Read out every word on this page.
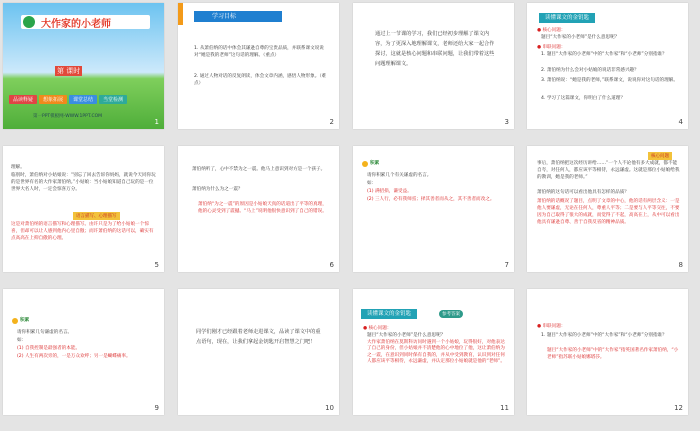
大作家的小老师
第 课时
品读释疑	想象拓展	课堂总结	当堂检测
第一PPT模板网-WWW.1PPT.COM
1
学习目标
1. 从萧伯纳的话中体会其谦逊自尊的宝贵品质，并联系课文说说对“她是我的老师”这句话的理解。（重点）
2. 通过人物对话的反复朗读，体会文章内涵，感悟人物形象。（难点）
2
通过上一节课的学习，我们已经初步理解了课文内容，为了更深入地理解课文，老师还给大家一起合作探讨，这就是核心问题和串联问题，让我们带着这些问题理解课文。
3
读懂课文的金钥匙
● 核心问题：
题目“大作家的小老师”是什么意思呢？
● 串联问题：
1. 题目“大作家的小老师”中的“大作家”和“小老师”分别指谁？
2. 萧伯纳为什么会对小姑娘的说话非常感兴趣？
3. 萧伯纳说：“她是我的老师，”联系课文，说说你对这句话的理解。
4. 学习了这篇课文，你明白了什么道理？
4
理解。
临别时，萧伯纳对小姑娘说：“别忘了回去告诉你妈妈，就说今天同你玩的是世界有名的大作家萧伯纳。”小姑娘：当小姑娘知道自己玩的是一位世界大名人时，一定会惊喜万分。
语言描写、心理描写
这是对萧伯纳的语言描写和心理描写。由许只是为了给小姑娘一个惊喜，但却可以让人感到他内心里自傲；而许萧伯纳的这话可以，确实有点高高在上抑自傲的心理。
5
萧伯纳听了，心中不禁为之一震。他马上意识到对方是一个孩子。
萧伯纳为什么为之一震？
萧伯纳“为之一震”的原因是小姑娘天真的话道出了平等的真理，他的心灵受到了震撼。“马上”说明他很快意识到了自己的错误。
6
积累
请你积累几个有关谦虚的名言。
如：
(1) 满招损，谦受益。
(2) 三人行，必有我师焉；择其善者而从之，其不善者而改之。
7
核心问题
事后，萧伯纳把这次经历讲给……“一个人不论他有多大成就，都不能自夸，对任何人，都应该平等相待，永远谦虚。这就是那位小姑娘给我的教训，她是我的老师。”
萧伯纳的这句话可以看出他具有怎样的品质？
萧伯纳的话概况了题目，点明了文章的中心，他的话有两层含义：一是他人要谦虚，无论在任何人，尊重人平等；二是要与人平等交往，不要因为自己取得了很大的成就，而觉得了不起，高高在上，从中可以看出他具有谦逊自尊、善于自我反省的精神品质。
8
积累
请你积累几句谦虚的名言。
如：
(1) 自我控制是最强者的本能。
(2) 人生有两次旁的，一是万众欢呼；另一是蝴蝶痛率。
9
同学们刚才已经跟着老师走进课文，品读了课文中的重点语句，现在，让我们拿起金钥匙开启智慧之门吧！
10
读懂课文的金钥匙	参考答案
● 核心问题：
题目“大作家的小老师”是什么意思呢？
大作家萧伯纳在莫斯科访问时遇到一个小姑娘，玩得很好，对他表达了自己的身份，但小姑娘并不清楚他的心中地位了他，这让萧伯纳为之一震，在意识到同时保有自我的，并从中受到教育，认识到对任何人都应该平等相待，永远谦虚，并认定那位小姑娘就是他的“老师”。
11
● 串联问题：
1. 题目“大作家的小老师”中的“大作家”和“小老师”分别指谁？
题目“大作家的小老师”中的“大作家”指英国著名作家萧伯纳，“小老师”指苏联小姑娘娜塔莎。
12
